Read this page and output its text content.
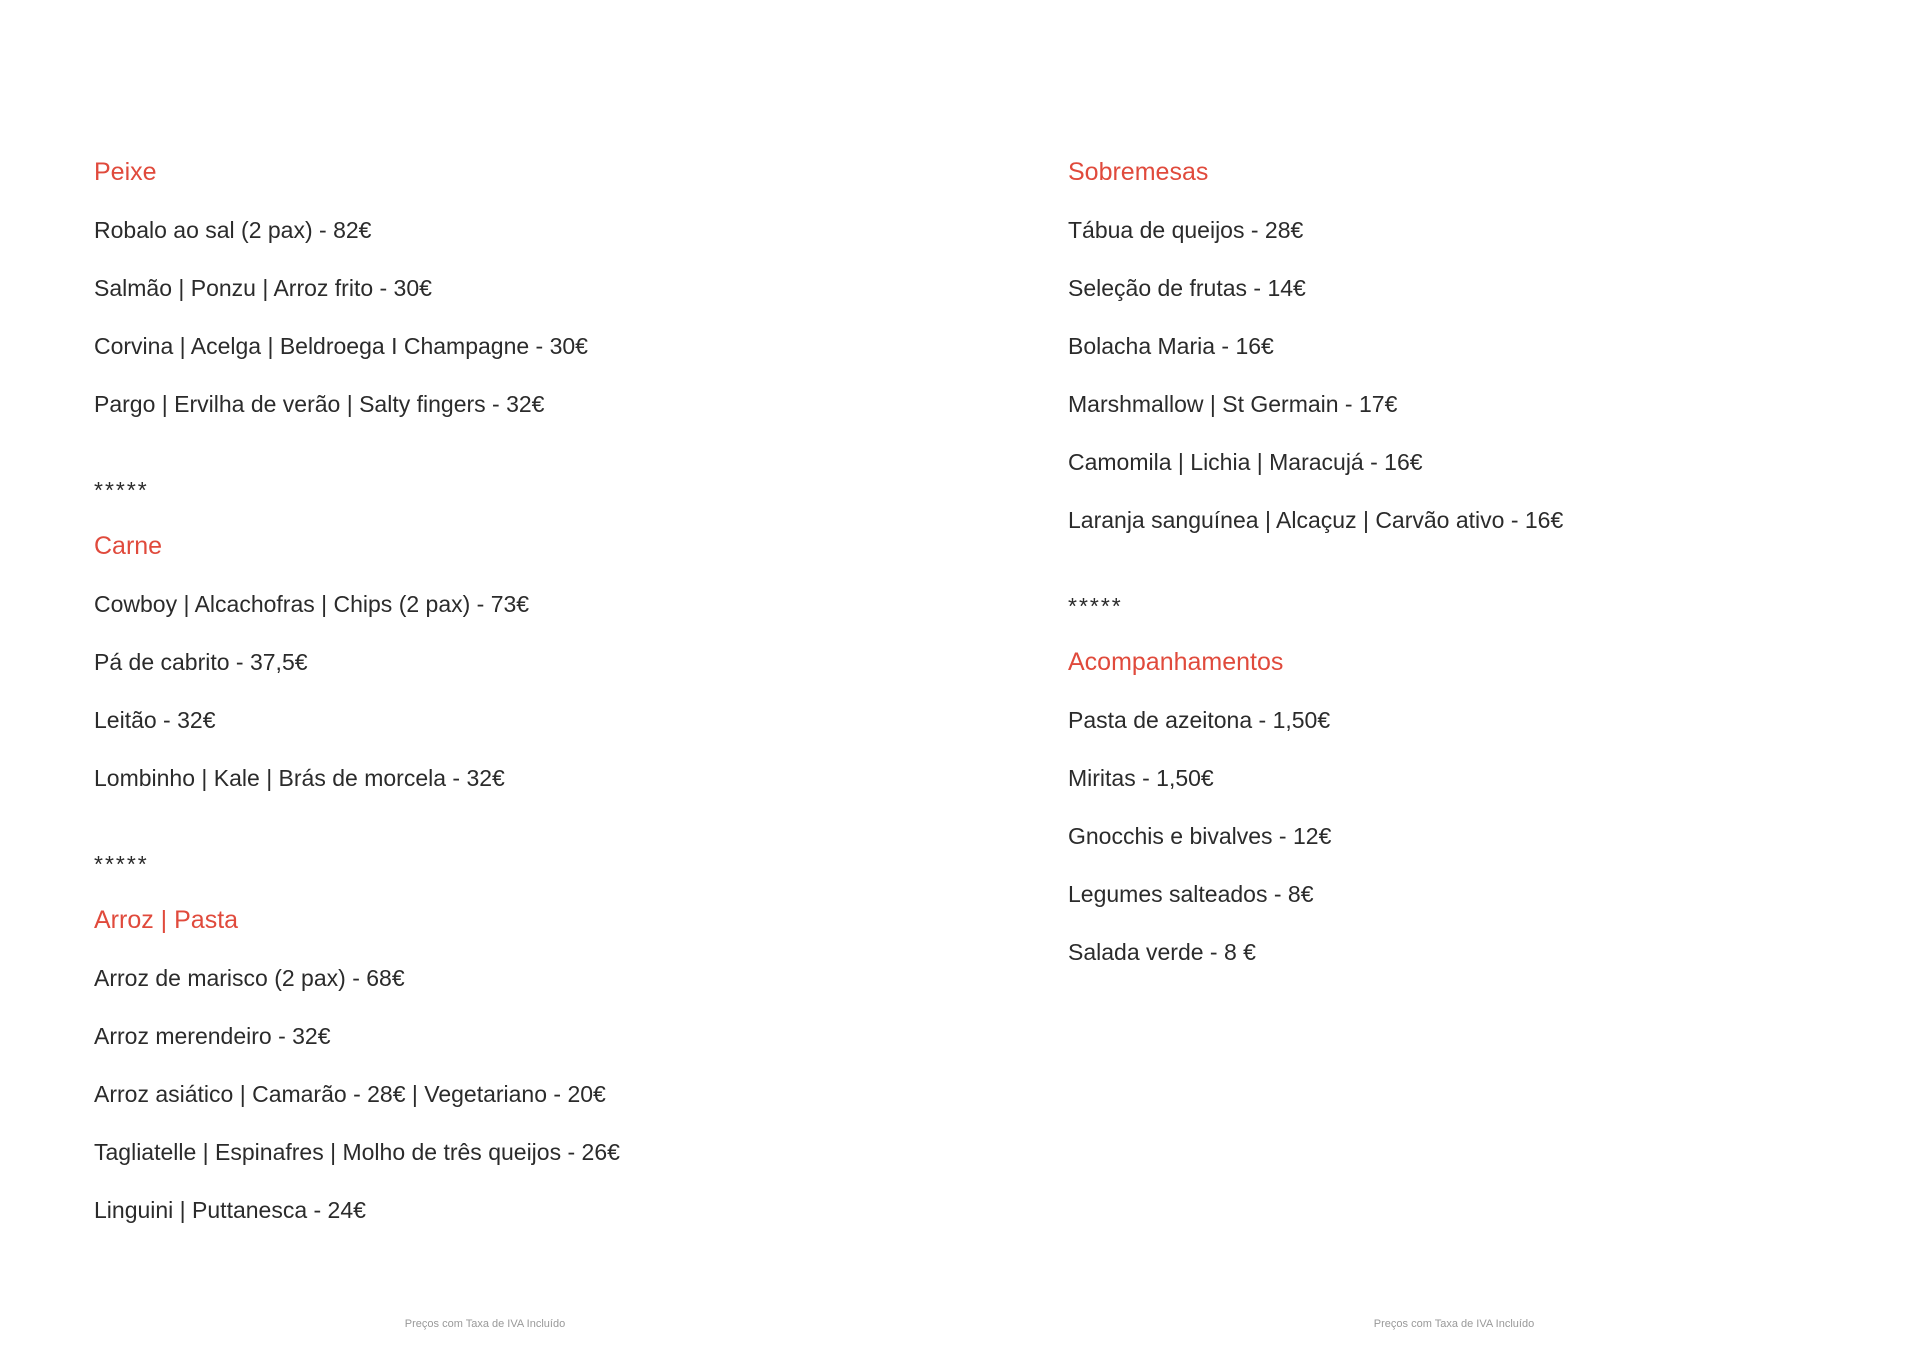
Peixe
Robalo ao sal (2 pax) - 82€
Salmão | Ponzu | Arroz frito - 30€
Corvina | Acelga | Beldroega I Champagne - 30€
Pargo | Ervilha de verão | Salty fingers - 32€
*****
Carne
Cowboy | Alcachofras | Chips (2 pax) - 73€
Pá de cabrito - 37,5€
Leitão - 32€
Lombinho | Kale | Brás de morcela - 32€
*****
Arroz | Pasta
Arroz de marisco (2 pax) - 68€
Arroz merendeiro - 32€
Arroz asiático | Camarão - 28€ | Vegetariano - 20€
Tagliatelle | Espinafres | Molho de três queijos - 26€
Linguini | Puttanesca - 24€
Preços com Taxa de IVA Incluído
Sobremesas
Tábua de queijos - 28€
Seleção de frutas - 14€
Bolacha Maria - 16€
Marshmallow | St Germain - 17€
Camomila | Lichia | Maracujá - 16€
Laranja sanguínea | Alcaçuz | Carvão ativo - 16€
*****
Acompanhamentos
Pasta de azeitona - 1,50€
Miritas - 1,50€
Gnocchis e bivalves - 12€
Legumes salteados - 8€
Salada verde - 8 €
Preços com Taxa de IVA Incluído
